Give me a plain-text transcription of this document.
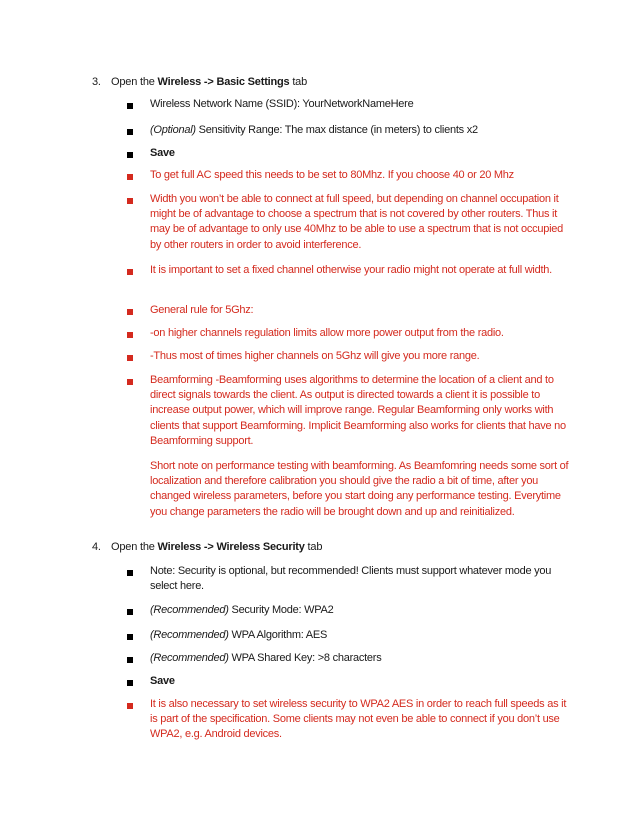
3. Open the Wireless -> Basic Settings tab
Wireless Network Name (SSID): YourNetworkNameHere
(Optional) Sensitivity Range: The max distance (in meters) to clients x2
Save
To get full AC speed this needs to be set to 80Mhz. If you choose 40 or 20 Mhz
Width you won’t be able to connect at full speed, but depending on channel occupation it might be of advantage to choose a spectrum that is not covered by other routers. Thus it may be of advantage to only use 40Mhz to be able to use a spectrum that is not occupied by other routers in order to avoid interference.
It is important to set a fixed channel otherwise your radio might not operate at full width.
General rule for 5Ghz:
-on higher channels regulation limits allow more power output from the radio.
-Thus most of times higher channels on 5Ghz will give you more range.
Beamforming -Beamforming uses algorithms to determine the location of a client and to direct signals towards the client. As output is directed towards a client it is possible to increase output power, which will improve range. Regular Beamforming only works with clients that support Beamforming. Implicit Beamforming also works for clients that have no Beamforming support.
Short note on performance testing with beamforming. As Beamfomring needs some sort of localization and therefore calibration you should give the radio a bit of time, after you changed wireless parameters, before you start doing any performance testing. Everytime you change parameters the radio will be brought down and up and reinitialized.
4. Open the Wireless -> Wireless Security tab
Note: Security is optional, but recommended! Clients must support whatever mode you select here.
(Recommended) Security Mode: WPA2
(Recommended) WPA Algorithm: AES
(Recommended) WPA Shared Key: >8 characters
Save
It is also necessary to set wireless security to WPA2 AES in order to reach full speeds as it is part of the specification. Some clients may not even be able to connect if you don’t use WPA2, e.g. Android devices.
